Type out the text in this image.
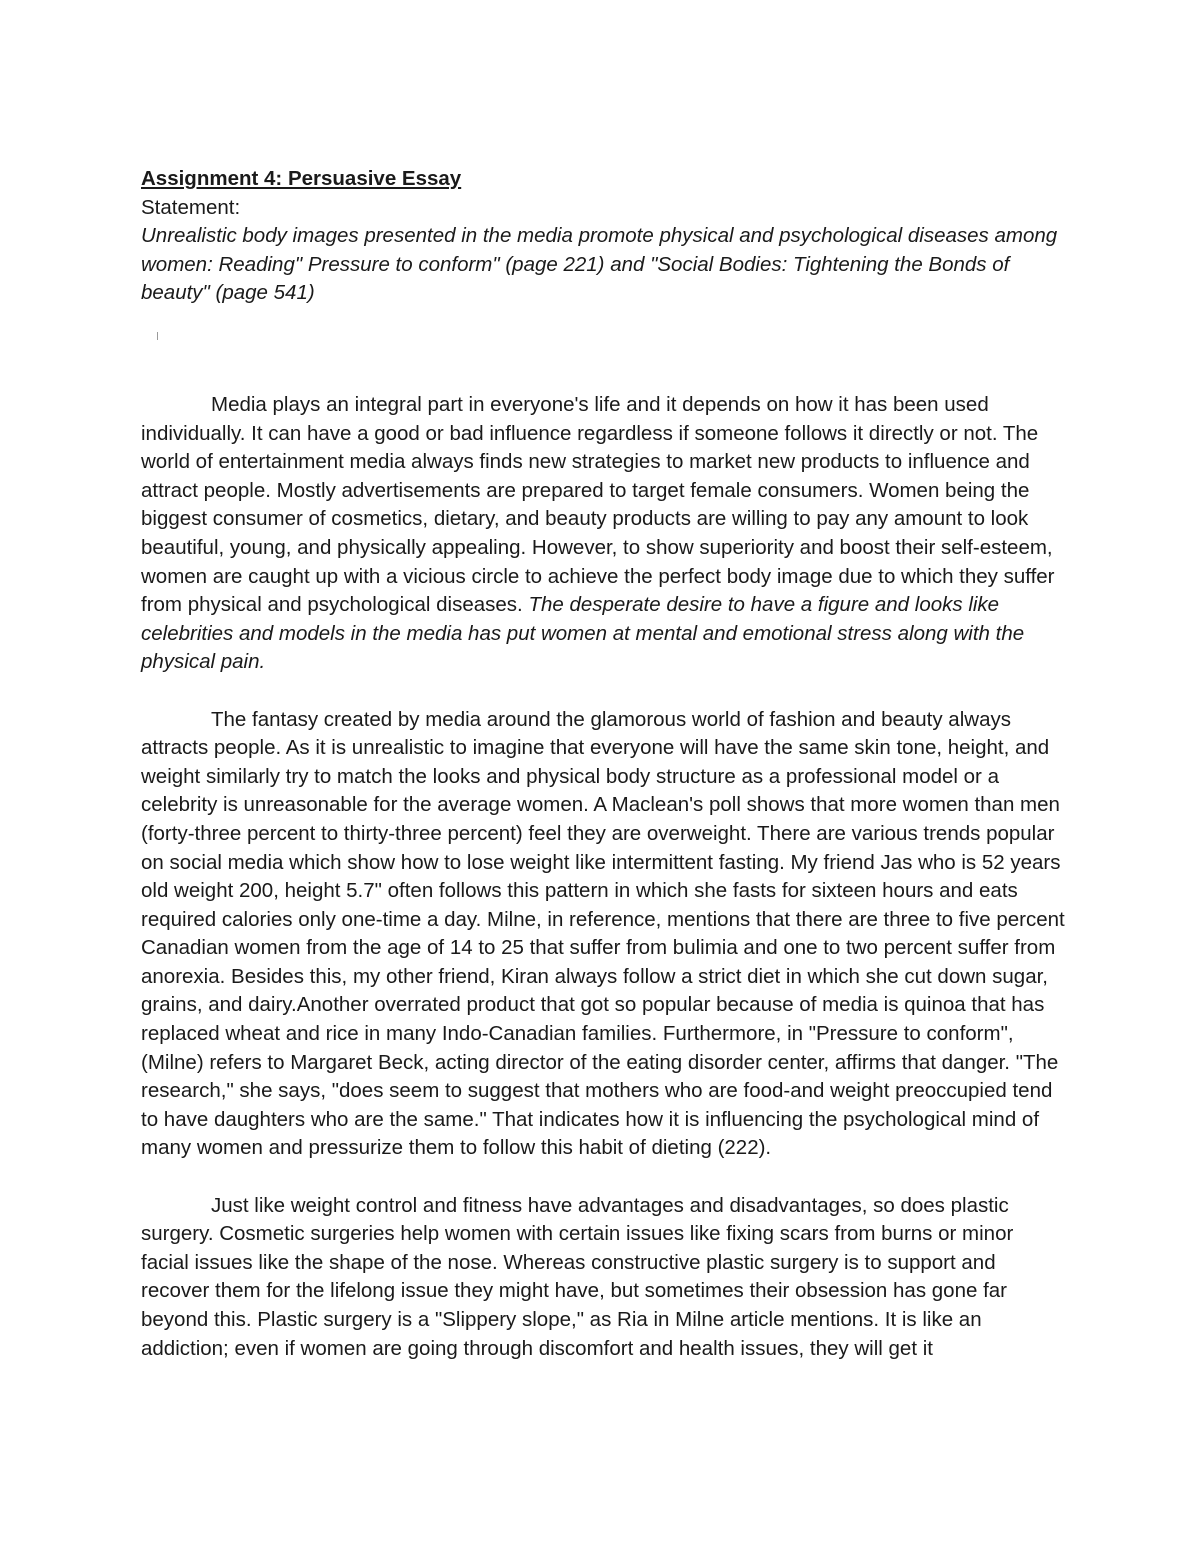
Assignment 4: Persuasive Essay

Statement:

Unrealistic body images presented in the media promote physical and psychological diseases among women: Reading" Pressure to conform" (page 221) and "Social Bodies: Tightening the Bonds of beauty" (page 541)

Media plays an integral part in everyone's life and it depends on how it has been used individually. It can have a good or bad influence regardless if someone follows it directly or not. The world of entertainment media always finds new strategies to market new products to influence and attract people. Mostly advertisements are prepared to target female consumers. Women being the biggest consumer of cosmetics, dietary, and beauty products are willing to pay any amount to look beautiful, young, and physically appealing. However, to show superiority and boost their self-esteem, women are caught up with a vicious circle to achieve the perfect body image due to which they suffer from physical and psychological diseases. The desperate desire to have a figure and looks like celebrities and models in the media has put women at mental and emotional stress along with the physical pain.

The fantasy created by media around the glamorous world of fashion and beauty always attracts people. As it is unrealistic to imagine that everyone will have the same skin tone, height, and weight similarly try to match the looks and physical body structure as a professional model or a celebrity is unreasonable for the average women. A Maclean's poll shows that more women than men (forty-three percent to thirty-three percent) feel they are overweight. There are various trends popular on social media which show how to lose weight like intermittent fasting. My friend Jas who is 52 years old weight 200, height 5.7" often follows this pattern in which she fasts for sixteen hours and eats required calories only one-time a day. Milne, in reference, mentions that there are three to five percent Canadian women from the age of 14 to 25 that suffer from bulimia and one to two percent suffer from anorexia. Besides this, my other friend, Kiran always follow a strict diet in which she cut down sugar, grains, and dairy.Another overrated product that got so popular because of media is quinoa that has replaced wheat and rice in many Indo-Canadian families. Furthermore, in "Pressure to conform", (Milne) refers to Margaret Beck, acting director of the eating disorder center, affirms that danger. "The research," she says, "does seem to suggest that mothers who are food-and weight preoccupied tend to have daughters who are the same." That indicates how it is influencing the psychological mind of many women and pressurize them to follow this habit of dieting (222).

Just like weight control and fitness have advantages and disadvantages, so does plastic surgery. Cosmetic surgeries help women with certain issues like fixing scars from burns or minor facial issues like the shape of the nose. Whereas constructive plastic surgery is to support and recover them for the lifelong issue they might have, but sometimes their obsession has gone far beyond this. Plastic surgery is a "Slippery slope," as Ria in Milne article mentions. It is like an addiction; even if women are going through discomfort and health issues, they will get it
